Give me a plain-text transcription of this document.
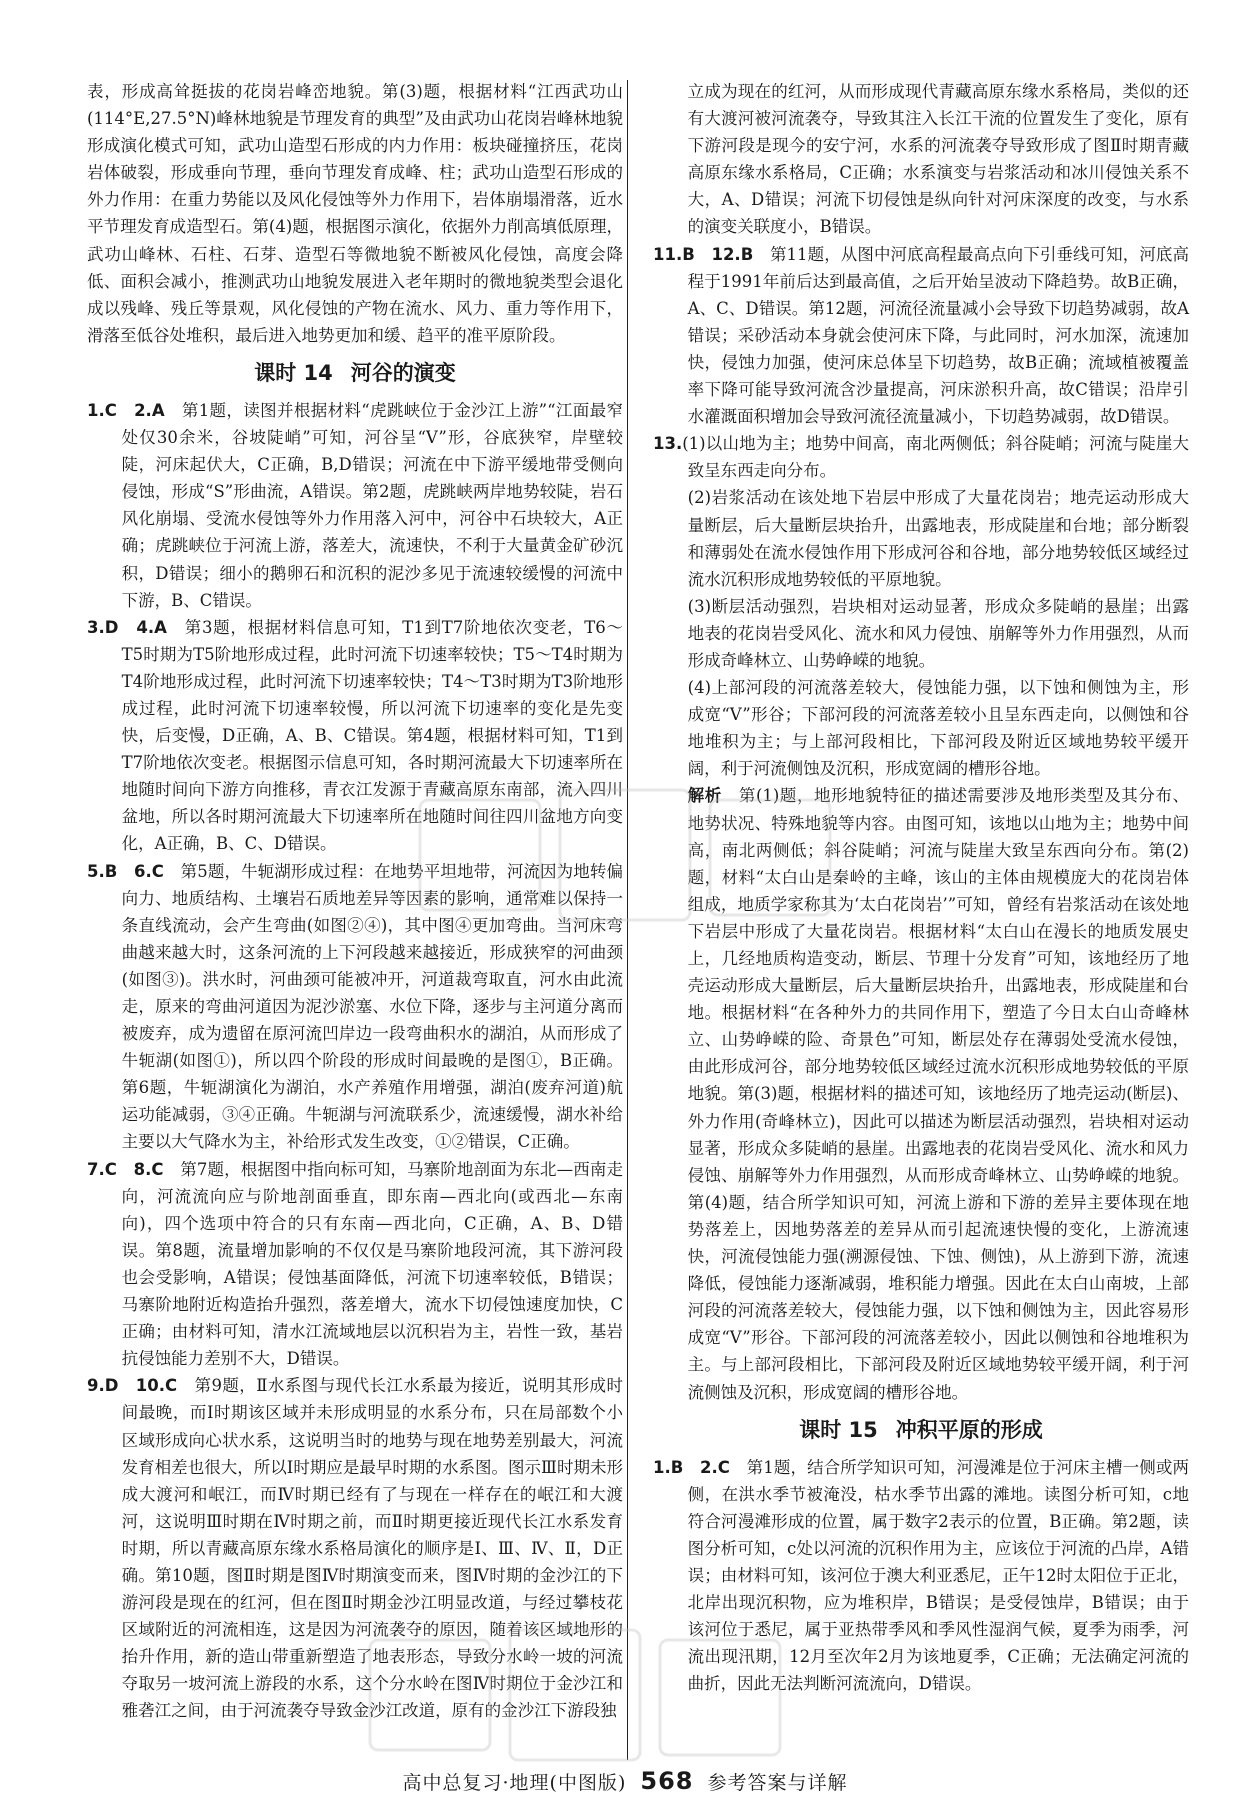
表，形成高耸挺拔的花岗岩峰峦地貌。第(3)题，根据材料“江西武功山(114°E,27.5°N)峰林地貌是节理发育的典型”及由武功山花岗岩峰林地貌形成演化模式可知，武功山造型石形成的内力作用：板块碰撞挤压，花岗岩体破裂，形成垂向节理，垂向节理发育成峰、柱；武功山造型石形成的外力作用：在重力势能以及风化侵蚀等外力作用下，岩体崩塌滑落，近水平节理发育成造型石。第(4)题，根据图示演化，依据外力削高填低原理，武功山峰林、石柱、石芽、造型石等微地貌不断被风化侵蚀，高度会降低、面积会减小，推测武功山地貌发展进入老年期时的微地貌类型会退化成以残峰、残丘等景观，风化侵蚀的产物在流水、风力、重力等作用下，滑落至低谷处堆积，最后进入地势更加和缓、趋平的准平原阶段。

课时 14 河谷的演变

1.C　2.A　第1题，读图并根据材料“虎跳峡位于金沙江上游”“江面最窄处仅30余米，谷坡陡峭”可知，河谷呈“V”形，谷底狭窄，岸壁较陡，河床起伏大，C正确，B,D错误；河流在中下游平缓地带受侧向侵蚀，形成“S”形曲流，A错误。第2题，虎跳峡两岸地势较陡，岩石风化崩塌、受流水侵蚀等外力作用落入河中，河谷中石块较大，A正确；虎跳峡位于河流上游，落差大，流速快，不利于大量黄金矿砂沉积，D错误；细小的鹅卵石和沉积的泥沙多见于流速较缓慢的河流中下游，B、C错误。

3.D　4.A　第3题，根据材料信息可知，T1到T7阶地依次变老，T6～T5时期为T5阶地形成过程，此时河流下切速率较快；T5～T4时期为T4阶地形成过程，此时河流下切速率较快；T4～T3时期为T3阶地形成过程，此时河流下切速率较慢，所以河流下切速率的变化是先变快，后变慢，D正确，A、B、C错误。第4题，根据材料可知，T1到T7阶地依次变老。根据图示信息可知，各时期河流最大下切速率所在地随时间向下游方向推移，青衣江发源于青藏高原东南部，流入四川盆地，所以各时期河流最大下切速率所在地随时间往四川盆地方向变化，A正确，B、C、D错误。

5.B　6.C　第5题，牛轭湖形成过程：在地势平坦地带，河流因为地转偏向力、地质结构、土壤岩石质地差异等因素的影响，通常难以保持一条直线流动，会产生弯曲(如图②④)，其中图④更加弯曲。当河床弯曲越来越大时，这条河流的上下河段越来越接近，形成狭窄的河曲颈(如图③)。洪水时，河曲颈可能被冲开，河道裁弯取直，河水由此流走，原来的弯曲河道因为泥沙淤塞、水位下降，逐步与主河道分离而被废弃，成为遗留在原河流凹岸边一段弯曲积水的湖泊，从而形成了牛轭湖(如图①)，所以四个阶段的形成时间最晚的是图①，B正确。第6题，牛轭湖演化为湖泊，水产养殖作用增强，湖泊(废弃河道)航运功能减弱，③④正确。牛轭湖与河流联系少，流速缓慢，湖水补给主要以大气降水为主，补给形式发生改变，①②错误，C正确。

7.C　8.C　第7题，根据图中指向标可知，马寨阶地剖面为东北—西南走向，河流流向应与阶地剖面垂直，即东南—西北向(或西北—东南向)，四个选项中符合的只有东南—西北向，C正确，A、B、D错误。第8题，流量增加影响的不仅仅是马寨阶地段河流，其下游河段也会受影响，A错误；侵蚀基面降低，河流下切速率较低，B错误；马寨阶地附近构造抬升强烈，落差增大，流水下切侵蚀速度加快，C正确；由材料可知，清水江流域地层以沉积岩为主，岩性一致，基岩抗侵蚀能力差别不大，D错误。

9.D　10.C　第9题，Ⅱ水系图与现代长江水系最为接近，说明其形成时间最晚，而Ⅰ时期该区域并未形成明显的水系分布，只在局部数个小区域形成向心状水系，这说明当时的地势与现在地势差别最大，河流发育相差也很大，所以Ⅰ时期应是最早时期的水系图。图示Ⅲ时期未形成大渡河和岷江，而Ⅳ时期已经有了与现在一样存在的岷江和大渡河，这说明Ⅲ时期在Ⅳ时期之前，而Ⅱ时期更接近现代长江水系发育时期，所以青藏高原东缘水系格局演化的顺序是Ⅰ、Ⅲ、Ⅳ、Ⅱ，D正确。第10题，图Ⅱ时期是图Ⅳ时期演变而来，图Ⅳ时期的金沙江的下游河段是现在的红河，但在图Ⅱ时期金沙江明显改道，与经过攀枝花区域附近的河流相连，这是因为河流袭夺的原因，随着该区域地形的抬升作用，新的造山带重新塑造了地表形态，导致分水岭一坡的河流夺取另一坡河流上游段的水系，这个分水岭在图Ⅳ时期位于金沙江和雅砻江之间，由于河流袭夺导致金沙江改道，原有的金沙江下游段独

立成为现在的红河，从而形成现代青藏高原东缘水系格局，类似的还有大渡河被河流袭夺，导致其注入长江干流的位置发生了变化，原有下游河段是现今的安宁河，水系的河流袭夺导致形成了图Ⅱ时期青藏高原东缘水系格局，C正确；水系演变与岩浆活动和冰川侵蚀关系不大，A、D错误；河流下切侵蚀是纵向针对河床深度的改变，与水系的演变关联度小，B错误。

11.B　12.B　第11题，从图中河底高程最高点向下引垂线可知，河底高程于1991年前后达到最高值，之后开始呈波动下降趋势。故B正确，A、C、D错误。第12题，河流径流量减小会导致下切趋势减弱，故A错误；采砂活动本身就会使河床下降，与此同时，河水加深，流速加快，侵蚀力加强，使河床总体呈下切趋势，故B正确；流域植被覆盖率下降可能导致河流含沙量提高，河床淤积升高，故C错误；沿岸引水灌溉面积增加会导致河流径流量减小，下切趋势减弱，故D错误。

13.(1)以山地为主；地势中间高，南北两侧低；斜谷陡峭；河流与陡崖大致呈东西走向分布。

(2)岩浆活动在该处地下岩层中形成了大量花岗岩；地壳运动形成大量断层，后大量断层块抬升，出露地表，形成陡崖和台地；部分断裂和薄弱处在流水侵蚀作用下形成河谷和谷地，部分地势较低区域经过流水沉积形成地势较低的平原地貌。

(3)断层活动强烈，岩块相对运动显著，形成众多陡峭的悬崖；出露地表的花岗岩受风化、流水和风力侵蚀、崩解等外力作用强烈，从而形成奇峰林立、山势峥嵘的地貌。

(4)上部河段的河流落差较大，侵蚀能力强，以下蚀和侧蚀为主，形成宽“V”形谷；下部河段的河流落差较小且呈东西走向，以侧蚀和谷地堆积为主；与上部河段相比，下部河段及附近区域地势较平缓开阔，利于河流侧蚀及沉积，形成宽阔的槽形谷地。

解析　 第(1)题，地形地貌特征的描述需要涉及地形类型及其分布、地势状况、特殊地貌等内容。由图可知，该地以山地为主；地势中间高，南北两侧低；斜谷陡峭；河流与陡崖大致呈东西向分布。第(2)题，材料“太白山是秦岭的主峰，该山的主体由规模庞大的花岗岩体组成，地质学家称其为‘太白花岗岩’”可知，曾经有岩浆活动在该处地下岩层中形成了大量花岗岩。根据材料“太白山在漫长的地质发展史上，几经地质构造变动，断层、节理十分发育”可知，该地经历了地壳运动形成大量断层，后大量断层块抬升，出露地表，形成陡崖和台地。根据材料“在各种外力的共同作用下，塑造了今日太白山奇峰林立、山势峥嵘的险、奇景色”可知，断层处存在薄弱处受流水侵蚀，由此形成河谷，部分地势较低区域经过流水沉积形成地势较低的平原地貌。第(3)题，根据材料的描述可知，该地经历了地壳运动(断层)、外力作用(奇峰林立)，因此可以描述为断层活动强烈，岩块相对运动显著，形成众多陡峭的悬崖。出露地表的花岗岩受风化、流水和风力侵蚀、崩解等外力作用强烈，从而形成奇峰林立、山势峥嵘的地貌。第(4)题，结合所学知识可知，河流上游和下游的差异主要体现在地势落差上，因地势落差的差异从而引起流速快慢的变化，上游流速快，河流侵蚀能力强(溯源侵蚀、下蚀、侧蚀)，从上游到下游，流速降低，侵蚀能力逐渐减弱，堆积能力增强。因此在太白山南坡，上部河段的河流落差较大，侵蚀能力强，以下蚀和侧蚀为主，因此容易形成宽“V”形谷。下部河段的河流落差较小，因此以侧蚀和谷地堆积为主。与上部河段相比，下部河段及附近区域地势较平缓开阔，利于河流侧蚀及沉积，形成宽阔的槽形谷地。

课时 15 冲积平原的形成

1.B　2.C　第1题，结合所学知识可知，河漫滩是位于河床主槽一侧或两侧，在洪水季节被淹没，枯水季节出露的滩地。读图分析可知，c地符合河漫滩形成的位置，属于数字2表示的位置，B正确。第2题，读图分析可知，c处以河流的沉积作用为主，应该位于河流的凸岸，A错误；由材料可知，该河位于澳大利亚悉尼，正午12时太阳位于正北，北岸出现沉积物，应为堆积岸，B错误；是受侵蚀岸，B错误；由于该河位于悉尼，属于亚热带季风和季风性湿润气候，夏季为雨季，河流出现汛期，12月至次年2月为该地夏季，C正确；无法确定河流的曲折，因此无法判断河流流向，D错误。

高中总复习·地理(中图版) 568 参考答案与详解
